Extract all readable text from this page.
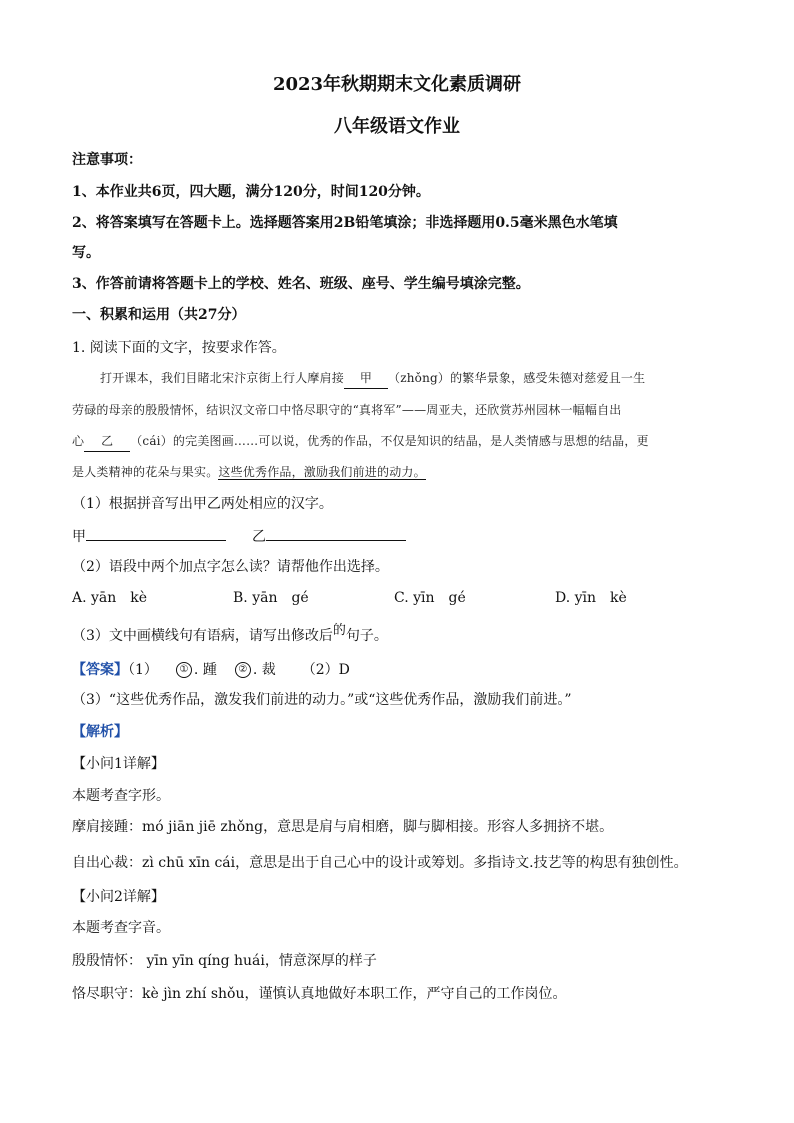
2023年秋期期末文化素质调研
八年级语文作业
注意事项：
1、本作业共6页，四大题，满分120分，时间120分钟。
2、将答案填写在答题卡上。选择题答案用2B铅笔填涂；非选择题用0.5毫米黑色水笔填
写。
3、作答前请将答题卡上的学校、姓名、班级、座号、学生编号填涂完整。
一、积累和运用（共27分）
1. 阅读下面的文字，按要求作答。
打开课本，我们目睹北宋汴京街上行人摩肩接 甲 （zhǒng）的繁华景象，感受朱德对慈爱且一生
劳碌的母亲的殷殷情怀，结识汉文帝口中恪尽职守的“真将军”——周亚夫，还欣赏苏州园林一幅幅自出
心 乙 （cái）的完美图画……可以说，优秀的作品，不仅是知识的结晶，是人类情感与思想的结晶，更
是人类精神的花朵与果实。这些优秀作品，激励我们前进的动力。
（1）根据拼音写出甲乙两处相应的汉字。
甲	乙
（2）语段中两个加点字怎么读？请帮他作出选择。
A. yān　kè	B. yān　gé	C. yīn　gé	D. yīn　kè
（3）文中画横线句有语病，请写出修改后的句子。
【答案】（1） ① . 踵 ② . 裁 （2）D
（3）“这些优秀作品，激发我们前进的动力。”或“这些优秀作品，激励我们前进。”
【解析】
【小问1详解】
本题考查字形。
摩肩接踵：mó jiān jiē zhǒng，意思是肩与肩相磨，脚与脚相接。形容人多拥挤不堪。
自出心裁：zì chū xīn cái，意思是出于自己心中的设计或筹划。多指诗文.技艺等的构思有独创性。
【小问2详解】
本题考查字音。
殷殷情怀： yīn yīn qíng huái，情意深厚的样子
恪尽职守：kè jìn zhí shǒu，谨慎认真地做好本职工作，严守自己的工作岗位。
